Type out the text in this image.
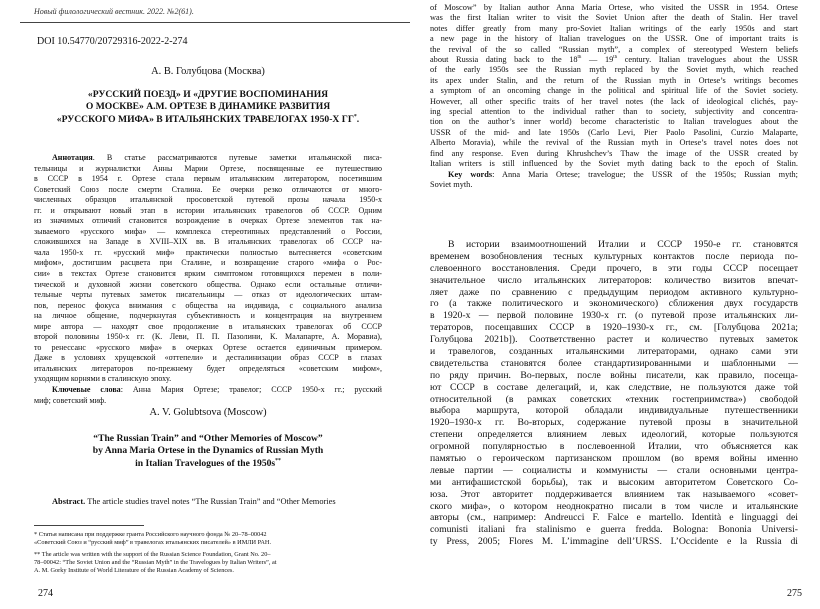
Новый филологический вестник. 2022. №2(61).
DOI 10.54770/20729316-2022-2-274
А. В. Голубцова (Москва)
«РУССКИЙ ПОЕЗД» И «ДРУГИЕ ВОСПОМИНАНИЯ
О МОСКВЕ» А.М. ОРТЕЗЕ В ДИНАМИКЕ РАЗВИТИЯ
«РУССКОГО МИФА» В ИТАЛЬЯНСКИХ ТРАВЕЛОГАХ 1950-Х ГГ*.
Аннотация. В статье рассматриваются путевые заметки итальянской писа-
тельницы и журналистки Анны Марии Ортезе, посвященные ее путешествию
в СССР в 1954 г. Ортезе стала первым итальянским литератором, посетившим
Советский Союз после смерти Сталина. Ее очерки резко отличаются от много-
численных образцов итальянской просоветской путевой прозы начала 1950-х
гг. и открывают новый этап в истории итальянских травелогов об СССР. Одним
из значимых отличий становится возрождение в очерках Ортезе элементов так на-
зываемого «русского мифа» — комплекса стереотипных представлений о России,
сложившихся на Западе в XVIII–XIX вв. В итальянских травелогах об СССР на-
чала 1950-х гг. «русский миф» практически полностью вытесняется «советским
мифом», достигшим расцвета при Сталине, и возвращение старого «мифа о Рос-
сии» в текстах Ортезе становится ярким симптомом готовящихся перемен в поли-
тической и духовной жизни советского общества. Однако если остальные отличи-
тельные черты путевых заметок писательницы — отказ от идеологических штам-
пов, перенос фокуса внимания с общества на индивида, с социального анализа
на личное общение, подчеркнутая субъективность и концентрация на внутреннем
мире автора — находят свое продолжение в итальянских травелогах об СССР
второй половины 1950-х гг. (К. Леви, П. П. Пазолини, К. Малапарте, А. Моравиа),
то ренессанс «русского мифа» в очерках Ортезе остается единичным примером.
Даже в условиях хрущевской «оттепели» и десталинизации образ СССР в глазах
итальянских литераторов по-прежнему будет определяться «советским мифом»,
уходящим корнями в сталинскую эпоху.
Ключевые слова: Анна Мария Ортезе; травелог; СССР 1950-х гг.; русский
миф; советский миф.
A. V. Golubtsova (Moscow)
“The Russian Train” and “Other Memories of Moscow”
by Anna Maria Ortese in the Dynamics of Russian Myth
in Italian Travelogues of the 1950s**
Abstract. The article studies travel notes “The Russian Train” and “Other Memories
* Статья написана при поддержке гранта Российского научного фонда № 20–78–00042
«Советский Союз и “русский миф” в травелогах итальянских писателей» в ИМЛИ РАН.
** The article was written with the support of the Russian Science Foundation, Grant No. 20–
78–00042: “The Soviet Union and the “Russian Myth” in the Travelogues by Italian Writers”, at
A. M. Gorky Institute of World Literature of the Russian Academy of Sciences.
274
of Moscow” by Italian author Anna Maria Ortese, who visited the USSR in 1954. Ortese
was the first Italian writer to visit the Soviet Union after the death of Stalin. Her travel
notes differ greatly from many pro-Soviet Italian writings of the early 1950s and start
a new page in the history of Italian travelogues on the USSR. One of important traits is
the revival of the so called “Russian myth”, a complex of stereotyped Western beliefs
about Russia dating back to the 18th — 19th century. Italian travelogues about the USSR
of the early 1950s see the Russian myth replaced by the Soviet myth, which reached
its apex under Stalin, and the return of the Russian myth in Ortese’s writings becomes
a symptom of an oncoming change in the political and spiritual life of the Soviet society.
However, all other specific traits of her travel notes (the lack of ideological clichés, pay-
ing special attention to the individual rather than to society, subjectivity and concentra-
tion on the author’s inner world) become characteristic to Italian travelogues about the
USSR of the mid- and late 1950s (Carlo Levi, Pier Paolo Pasolini, Curzio Malaparte,
Alberto Moravia), while the revival of the Russian myth in Ortese’s travel notes does not
find any response. Even during Khrushchev’s Thaw the image of the USSR created by
Italian writers is still influenced by the Soviet myth dating back to the epoch of Stalin.
Key words: Anna Maria Ortese; travelogue; the USSR of the 1950s; Russian myth;
Soviet myth.
В истории взаимоотношений Италии и СССР 1950-е гг. становятся
временем возобновления тесных культурных контактов после периода по-
слевоенного восстановления. Среди прочего, в эти годы СССР посещает
значительное число итальянских литераторов: количество визитов впечат-
ляет даже по сравнению с предыдущим периодом активного культурно-
го (а также политического и экономического) сближения двух государств
в 1920-х — первой половине 1930-х гг. (о путевой прозе итальянских ли-
тераторов, посещавших СССР в 1920–1930-х гг., см. [Голубцова 2021a;
Голубцова 2021b]). Соответственно растет и количество путевых заметок
и травелогов, созданных итальянскими литераторами, однако сами эти
свидетельства становятся более стандартизированными и шаблонными —
по ряду причин. Во-первых, после войны писатели, как правило, посеща-
ют СССР в составе делегаций, и, как следствие, не пользуются даже той
относительной (в рамках советских «техник гостеприимства») свободой
выбора маршрута, которой обладали индивидуальные путешественники
1920–1930-х гг. Во-вторых, содержание путевой прозы в значительной
степени определяется влиянием левых идеологий, которые пользуются
огромной популярностью в послевоенной Италии, что объясняется как
памятью о героическом партизанском прошлом (во время войны именно
левые партии — социалисты и коммунисты — стали основными центра-
ми антифашистской борьбы), так и высоким авторитетом Советского Со-
юза. Этот авторитет поддерживается влиянием так называемого «совет-
ского мифа», о котором неоднократно писали в том числе и итальянские
авторы (см., например: Andreucci F. Falce e martello. Identità e linguaggi dei
comunisti italiani fra stalinismo e guerra fredda. Bologna: Bononia Universi-
ty Press, 2005; Flores M. L’immagine dell’URSS. L’Occidente e la Russia di
275
